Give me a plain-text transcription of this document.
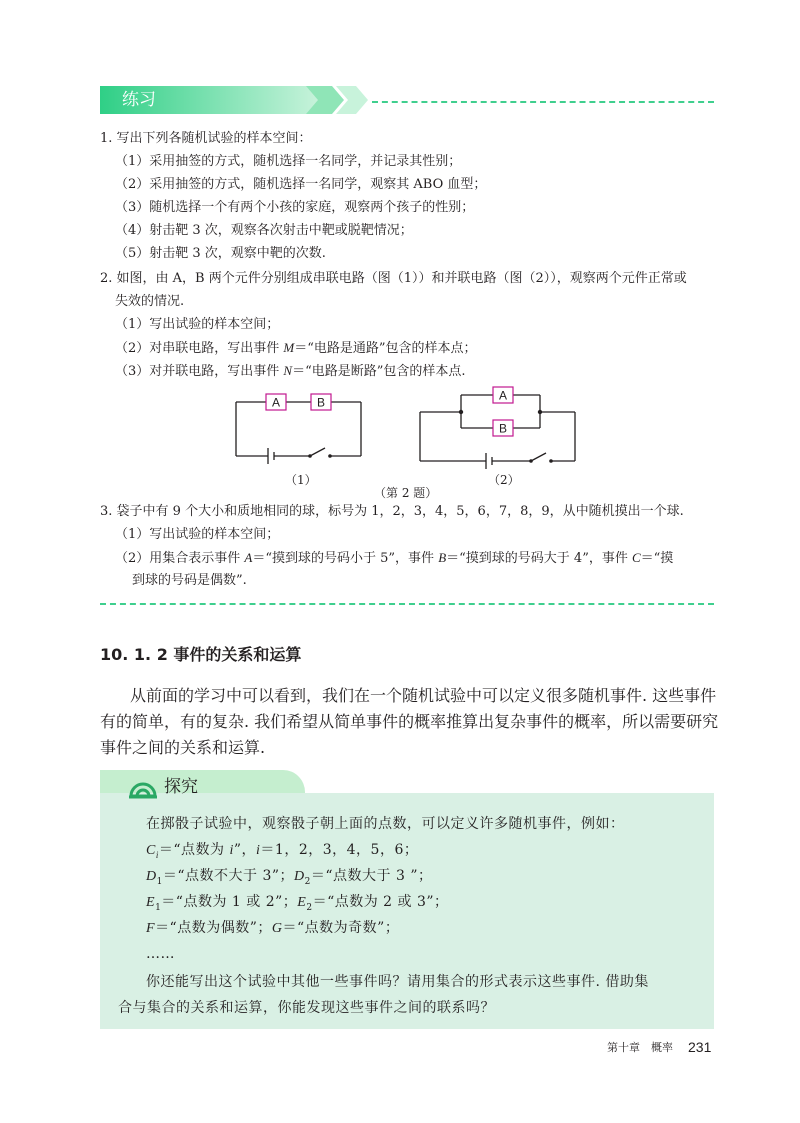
练习
1. 写出下列各随机试验的样本空间：
（1）采用抽签的方式，随机选择一名同学，并记录其性别；
（2）采用抽签的方式，随机选择一名同学，观察其 ABO 血型；
（3）随机选择一个有两个小孩的家庭，观察两个孩子的性别；
（4）射击靶 3 次，观察各次射击中靶或脱靶情况；
（5）射击靶 3 次，观察中靶的次数.
2. 如图，由 A，B 两个元件分别组成串联电路（图（1））和并联电路（图（2）），观察两个元件正常或
失效的情况.
（1）写出试验的样本空间；
（2）对串联电路，写出事件 M＝“电路是通路”包含的样本点；
（3）对并联电路，写出事件 N＝“电路是断路”包含的样本点.
A	B
（1）
A
B
（2）
（第 2 题）
3. 袋子中有 9 个大小和质地相同的球，标号为 1，2，3，4，5，6，7，8，9，从中随机摸出一个球.
（1）写出试验的样本空间；
（2）用集合表示事件 A＝“摸到球的号码小于 5”，事件 B＝“摸到球的号码大于 4”，事件 C＝“摸
到球的号码是偶数”.
10. 1. 2 事件的关系和运算
从前面的学习中可以看到，我们在一个随机试验中可以定义很多随机事件. 这些事件
有的简单，有的复杂. 我们希望从简单事件的概率推算出复杂事件的概率，所以需要研究
事件之间的关系和运算.
探究
在掷骰子试验中，观察骰子朝上面的点数，可以定义许多随机事件，例如：
$C_i=“$点数为 i”，i＝1，2，3，4，5，6；
$D_1=“$点数不大于 3”；$D_2=“$点数大于 3 ”；
$E_1=“$点数为 1 或 2”；$E_2=“$点数为 2 或 3”；
F＝“点数为偶数”；G＝“点数为奇数”；
……
你还能写出这个试验中其他一些事件吗？请用集合的形式表示这些事件. 借助集
合与集合的关系和运算，你能发现这些事件之间的联系吗？
第十章　概率 231
